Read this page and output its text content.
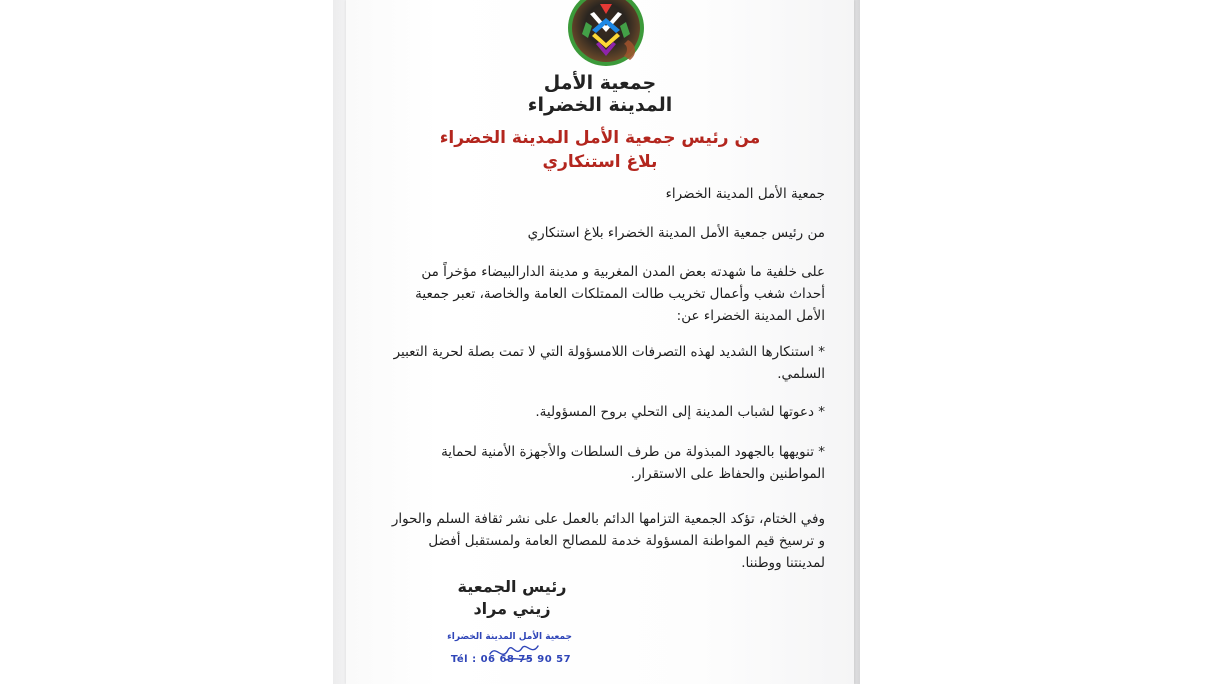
جمعية الأمل
المدينة الخضراء
من رئيس جمعية الأمل المدينة الخضراء
بلاغ استنكاري
جمعية الأمل المدينة الخضراء
من رئيس جمعية الأمل المدينة الخضراء بلاغ استنكاري
على خلفية ما شهدته بعض المدن المغربية و مدينة الدارالبيضاء مؤخراً من أحداث شغب وأعمال تخريب طالت الممتلكات العامة والخاصة، تعبر جمعية الأمل المدينة الخضراء عن:
* استنكارها الشديد لهذه التصرفات اللامسؤولة التي لا تمت بصلة لحرية التعبير السلمي.
* دعوتها لشباب المدينة إلى التحلي بروح المسؤولية.
* تنويهها بالجهود المبذولة من طرف السلطات والأجهزة الأمنية لحماية المواطنين والحفاظ على الاستقرار.
وفي الختام، تؤكد الجمعية التزامها الدائم بالعمل على نشر ثقافة السلم والحوار و ترسيخ قيم المواطنة المسؤولة خدمة للمصالح العامة ولمستقبل أفضل لمدينتنا ووطننا.
رئيس الجمعية
زيني مراد
جمعية الأمل المدينة الخضراء
Tél : 06 68 75 90 57
